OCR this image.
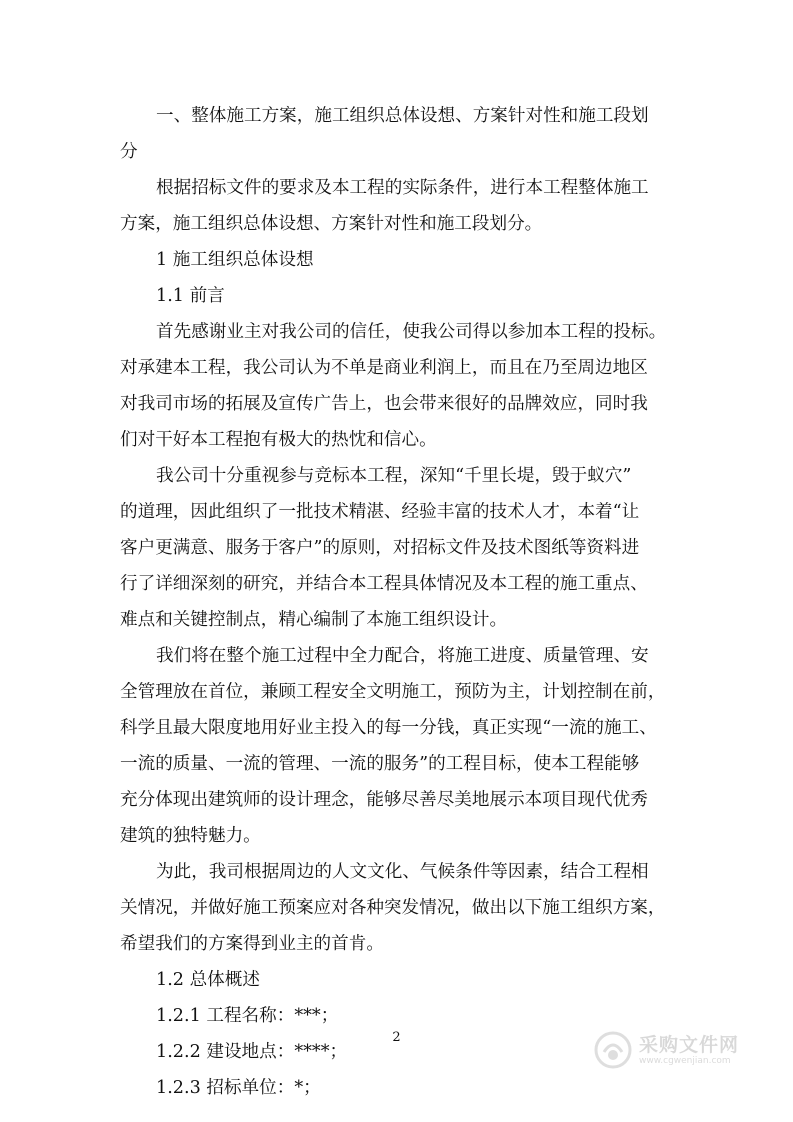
一、整体施工方案，施工组织总体设想、方案针对性和施工段划
分
根据招标文件的要求及本工程的实际条件，进行本工程整体施工
方案，施工组织总体设想、方案针对性和施工段划分。
1 施工组织总体设想
1.1 前言
首先感谢业主对我公司的信任，使我公司得以参加本工程的投标。
对承建本工程，我公司认为不单是商业利润上，而且在乃至周边地区
对我司市场的拓展及宣传广告上，也会带来很好的品牌效应，同时我
们对干好本工程抱有极大的热忱和信心。
我公司十分重视参与竞标本工程，深知“千里长堤，毁于蚁穴”
的道理，因此组织了一批技术精湛、经验丰富的技术人才，本着“让
客户更满意、服务于客户”的原则，对招标文件及技术图纸等资料进
行了详细深刻的研究，并结合本工程具体情况及本工程的施工重点、
难点和关键控制点，精心编制了本施工组织设计。
我们将在整个施工过程中全力配合，将施工进度、质量管理、安
全管理放在首位，兼顾工程安全文明施工，预防为主，计划控制在前，
科学且最大限度地用好业主投入的每一分钱，真正实现“一流的施工、
一流的质量、一流的管理、一流的服务”的工程目标，使本工程能够
充分体现出建筑师的设计理念，能够尽善尽美地展示本项目现代优秀
建筑的独特魅力。
为此，我司根据周边的人文文化、气候条件等因素，结合工程相
关情况，并做好施工预案应对各种突发情况，做出以下施工组织方案，
希望我们的方案得到业主的首肯。
1.2 总体概述
1.2.1 工程名称：***；
1.2.2 建设地点：****；
1.2.3 招标单位：*；
2	采购文件网
www.cgwenjian.com
